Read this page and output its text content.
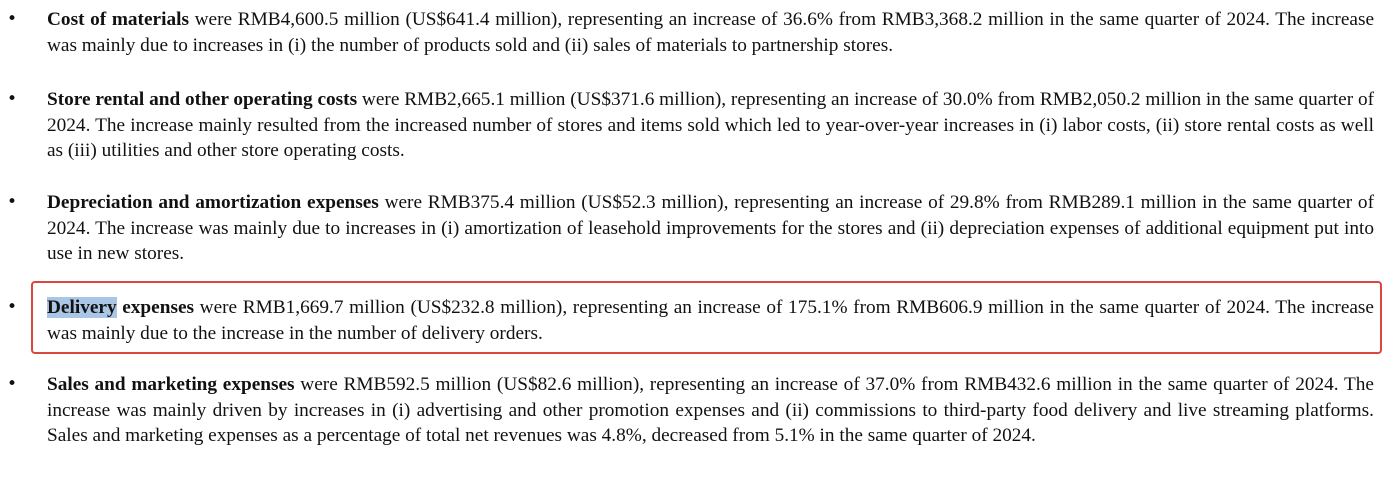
• Cost of materials were RMB4,600.5 million (US$641.4 million), representing an increase of 36.6% from RMB3,368.2 million in the same quarter of 2024. The increase was mainly due to increases in (i) the number of products sold and (ii) sales of materials to partnership stores.

• Store rental and other operating costs were RMB2,665.1 million (US$371.6 million), representing an increase of 30.0% from RMB2,050.2 million in the same quarter of 2024. The increase mainly resulted from the increased number of stores and items sold which led to year-over-year increases in (i) labor costs, (ii) store rental costs as well as (iii) utilities and other store operating costs.

• Depreciation and amortization expenses were RMB375.4 million (US$52.3 million), representing an increase of 29.8% from RMB289.1 million in the same quarter of 2024. The increase was mainly due to increases in (i) amortization of leasehold improvements for the stores and (ii) depreciation expenses of additional equipment put into use in new stores.

• Delivery expenses were RMB1,669.7 million (US$232.8 million), representing an increase of 175.1% from RMB606.9 million in the same quarter of 2024. The increase was mainly due to the increase in the number of delivery orders.

• Sales and marketing expenses were RMB592.5 million (US$82.6 million), representing an increase of 37.0% from RMB432.6 million in the same quarter of 2024. The increase was mainly driven by increases in (i) advertising and other promotion expenses and (ii) commissions to third-party food delivery and live streaming platforms. Sales and marketing expenses as a percentage of total net revenues was 4.8%, decreased from 5.1% in the same quarter of 2024.
